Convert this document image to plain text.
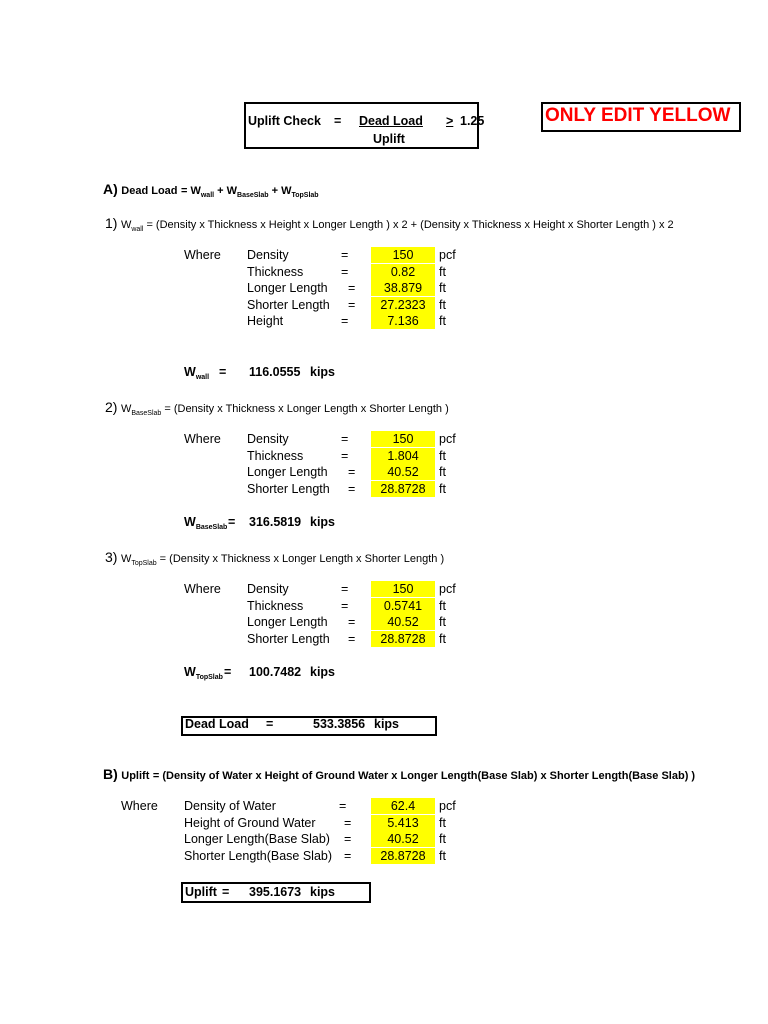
Uplift Check = Dead Load
Uplift
> 1.25	ONLY EDIT YELLOW
A) Dead Load = $W_{wall} + W_{BaseSlab} + W_{TopSlab}$
1) $W_{wall}$ = (Density x Thickness x Height x Longer Length ) x 2 + (Density x Thickness x Height x Shorter Length ) x 2
Where Density	=	150	pcf
Thickness	=	0.82	ft
Longer Length =	38.879	ft
Shorter Length =	27.2323	ft
Height	=	7.136	ft
$W_{wall} = 116.0555$ kips
2) $W_{BaseSlab}$ = (Density x Thickness x Longer Length x Shorter Length )
Where Density	=	150	pcf
Thickness	=	1.804	ft
Longer Length =	40.52	ft
Shorter Length =	28.8728	ft
$W_{BaseSlab} = 316.5819$ kips
3) $W_{TopSlab}$ = (Density x Thickness x Longer Length x Shorter Length )
Where Density	=	150	pcf
Thickness	=	0.5741	ft
Longer Length =	40.52	ft
Shorter Length =	28.8728	ft
$W_{TopSlab} = 100.7482$ kips
Dead Load =	533.3856 kips
B) Uplift = (Density of Water x Height of Ground Water x Longer Length(Base Slab) x Shorter Length(Base Slab) )
Where Density of Water	=	62.4	pcf
Height of Ground Water =	5.413	ft
Longer Length(Base Slab) =	40.52	ft
Shorter Length(Base Slab) =	28.8728	ft
Uplift = 395.1673 kips
